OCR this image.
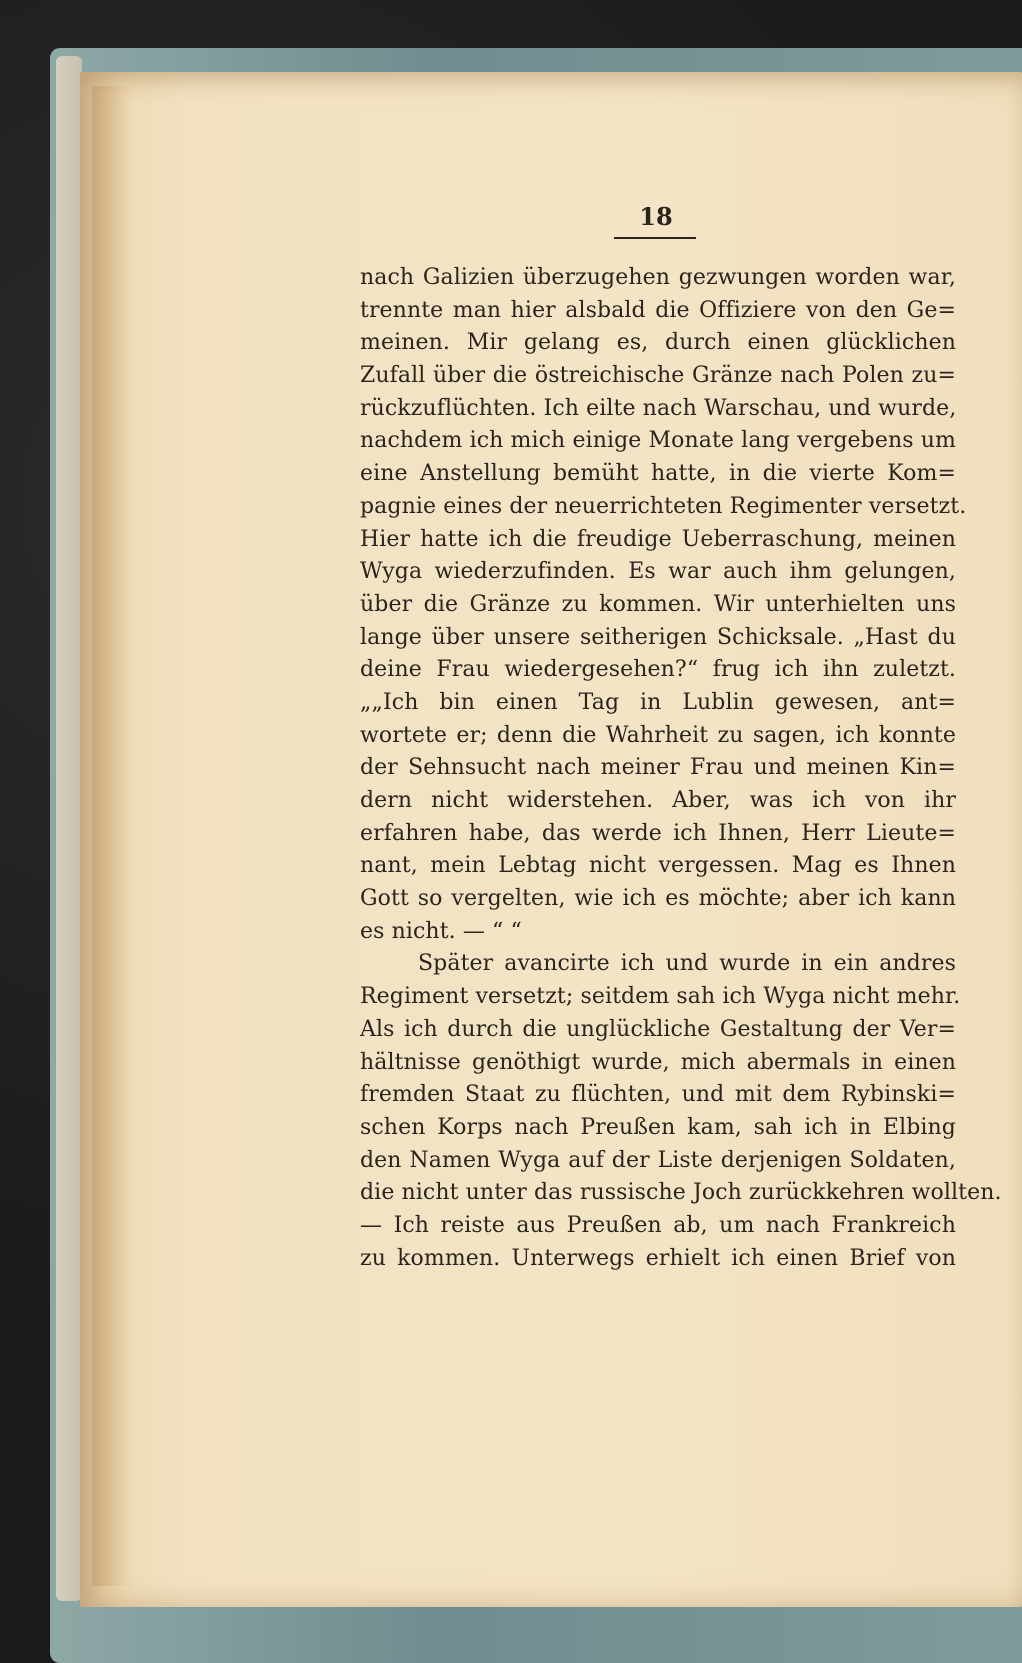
18
nach Galizien überzugehen gezwungen worden war,
trennte man hier alsbald die Offiziere von den Ge=
meinen. Mir gelang es, durch einen glücklichen
Zufall über die östreichische Gränze nach Polen zu=
rückzuflüchten. Ich eilte nach Warschau, und wurde,
nachdem ich mich einige Monate lang vergebens um
eine Anstellung bemüht hatte, in die vierte Kom=
pagnie eines der neuerrichteten Regimenter versetzt.
Hier hatte ich die freudige Ueberraschung, meinen
Wyga wiederzufinden. Es war auch ihm gelungen,
über die Gränze zu kommen. Wir unterhielten uns
lange über unsere seitherigen Schicksale. „Hast du
deine Frau wiedergesehen?“ frug ich ihn zuletzt.
„„Ich bin einen Tag in Lublin gewesen, ant=
wortete er; denn die Wahrheit zu sagen, ich konnte
der Sehnsucht nach meiner Frau und meinen Kin=
dern nicht widerstehen. Aber, was ich von ihr
erfahren habe, das werde ich Ihnen, Herr Lieute=
nant, mein Lebtag nicht vergessen. Mag es Ihnen
Gott so vergelten, wie ich es möchte; aber ich kann
es nicht. — “ “
Später avancirte ich und wurde in ein andres
Regiment versetzt; seitdem sah ich Wyga nicht mehr.
Als ich durch die unglückliche Gestaltung der Ver=
hältnisse genöthigt wurde, mich abermals in einen
fremden Staat zu flüchten, und mit dem Rybinski=
schen Korps nach Preußen kam, sah ich in Elbing
den Namen Wyga auf der Liste derjenigen Soldaten,
die nicht unter das russische Joch zurückkehren wollten.
— Ich reiste aus Preußen ab, um nach Frankreich
zu kommen. Unterwegs erhielt ich einen Brief von
